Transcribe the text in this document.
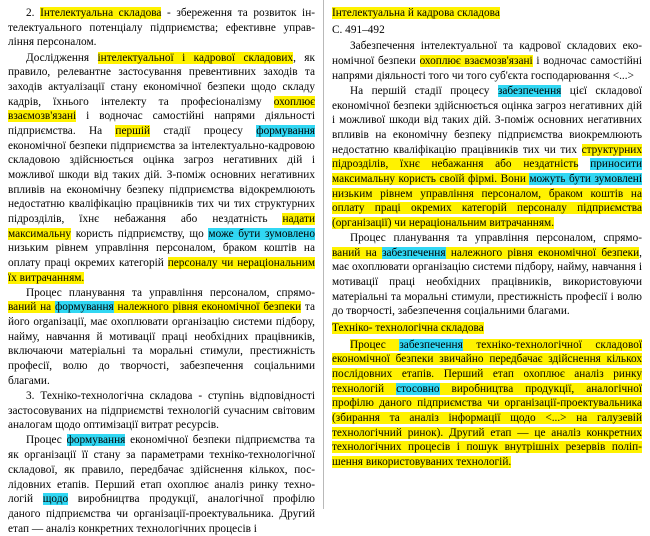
2. Інтелектуальна складова - збереження та розвиток інтелектуального потенціалу підприємства; ефективне управління персоналом.

Дослідження інтелектуальної і кадрової складових, як правило, релевантне застосування превентивних заходів та заходів актуалізації стану економічної безпеки щодо складу кадрів, їхнього інтелекту та професіоналізму охоплює взаємозв'язані і водночас самостійні напрями діяльності підприємства. На першій стадії процесу формування економічної безпеки підприємства за інтелектуально-кадровою складовою здійснюється оцінка загроз негативних дій і можливої шкоди від таких дій. З-поміж основних негативних впливів на економічну безпеку підприємства відокремлюють недостатню кваліфікацію працівників тих чи тих структурних підрозділів, їхнє небажання або нездатність надати максимальну користь підприємству, що може бути зумовлено низьким рівнем управління персоналом, браком коштів на оплату праці окремих категорій персоналу чи нераціональним їх витрачанням.

Процес планування та управління персоналом, спрямований на формування належного рівня економічної безпеки та його organізації, має охоплювати організацію системи підбору, найму, навчання й мотивації праці необхідних працівників, включаючи матеріальні та моральні стимули, престижність професії, волю до творчості, забезпечення соціальними благами.

3. Техніко-технологічна складова - ступінь відповідності застосовуваних на підприємстві технологій сучасним світовим аналогам щодо оптимізації витрат ресурсів.

Процес формування економічної безпеки підприємства та як організації її стану за параметрами техніко-технологічної складової, як правило, передбачає здійснення кількох, послідовних етапів. Перший етап охоплює аналіз ринку технологій щодо виробництва продукції, аналогічної профілю даного підприємства чи організації-проектувальника. Другий етап — аналіз конкретних технологічних процесів і

Інтелектуальна й кадрова складова

С. 491–492

Забезпечення інтелектуальної та кадрової складових економічної безпеки охоплює взаємозв'язані і водночас самостійні напрями діяльності того чи того суб'єкта господарювання <...>

На першій стадії процесу забезпечення цієї складової економічної безпеки здійснюється оцінка загроз негативних дій і можливої шкоди від таких дій. З-поміж основних негативних впливів на економічну безпеку підприємства виокремлюють недостатню кваліфікацію працівників тих чи тих структурних підрозділів, їхнє небажання або нездатність приносити максимальну користь своїй фірмі. Вони можуть бути зумовлені низьким рівнем управління персоналом, браком коштів на оплату праці окремих категорій персоналу підприємства (організації) чи нераціональним витрачанням.

Процес планування та управління персоналом, спрямований на забезпечення належного рівня економічної безпеки, має охоплювати організацію системи підбору, найму, навчання і мотивації праці необхідних працівників, використовуючи матеріальні та моральні стимули, престижність професії і волю до творчості, забезпечення соціальними благами.

Техніко- технологічна складова

Процес забезпечення техніко-технологічної складової економічної безпеки звичайно передбачає здійснення кількох послідовних етапів. Перший етап охоплює аналіз ринку технологій стосовно виробництва продукції, аналогічної профілю даного підприємства чи організації-проектувальника (збирання та аналіз інформації щодо <...> на галузевій технологічний ринок). Другий етап — це аналіз конкретних технологічних процесів і пошук внутрішніх резервів поліпшення використовуваних технологій.
